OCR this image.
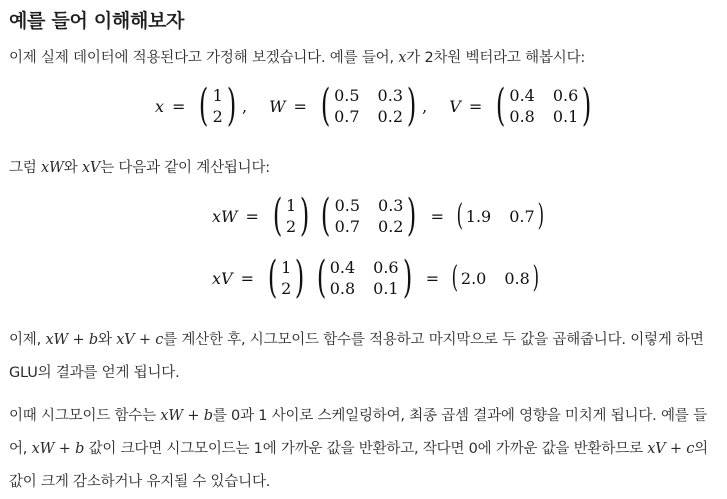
예를 들어 이해해보자
이제 실제 데이터에 적용된다고 가정해 보겠습니다. 예를 들어, x가 2차원 벡터라고 해봅시다:
x = ( 1
2 ) , W = ( 0.5 0.3
0.7 0.2 ) , V = ( 0.4 0.6
0.8 0.1 )
그럼 xW와 xV는 다음과 같이 계산됩니다:
xW = ( 1
2 ) ( 0.5 0.3
0.7 0.2 ) = ( 1.9 0.7 )
xV = ( 1
2 ) ( 0.4 0.6
0.8 0.1 ) = ( 2.0 0.8 )
이제, xW + b와 xV + c를 계산한 후, 시그모이드 함수를 적용하고 마지막으로 두 값을 곱해줍니다. 이렇게 하면 GLU의 결과를 얻게 됩니다.
이때 시그모이드 함수는 xW + b를 0과 1 사이로 스케일링하여, 최종 곱셈 결과에 영향을 미치게 됩니다. 예를 들어, xW + b 값이 크다면 시그모이드는 1에 가까운 값을 반환하고, 작다면 0에 가까운 값을 반환하므로 xV + c의 값이 크게 감소하거나 유지될 수 있습니다.
